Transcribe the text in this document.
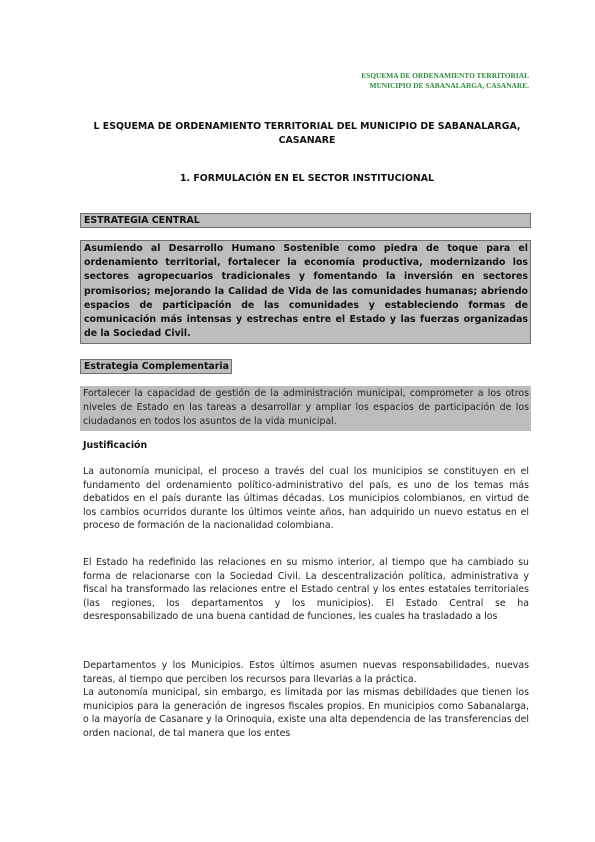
ESQUEMA DE ORDENAMIENTO TERRITORIAL
MUNICIPIO DE SABANALARGA, CASANARE.
L ESQUEMA DE ORDENAMIENTO TERRITORIAL DEL MUNICIPIO DE SABANALARGA,
CASANARE
1. FORMULACIÓN EN EL SECTOR INSTITUCIONAL
ESTRATEGIA CENTRAL
Asumiendo al Desarrollo Humano Sostenible como piedra de toque para el ordenamiento territorial, fortalecer la economía productiva, modernizando los sectores agropecuarios tradicionales y fomentando la inversión en sectores promisorios; mejorando la Calidad de Vida de las comunidades humanas; abriendo espacios de participación de las comunidades y estableciendo formas de comunicación más intensas y estrechas entre el Estado y las fuerzas organizadas de la Sociedad Civil.
Estrategia Complementaria
Fortalecer la capacidad de gestión de la administración municipal, comprometer a los otros niveles de Estado en las tareas a desarrollar y ampliar los espacios de participación de los ciudadanos en todos los asuntos de la vida municipal.
Justificación

La autonomía municipal, el proceso a través del cual los municipios se constituyen en el fundamento del ordenamiento político-administrativo del país, es uno de los temas más debatidos en el país durante las últimas décadas. Los municipios colombianos, en virtud de los cambios ocurridos durante los últimos veinte años, han adquirido un nuevo estatus en el proceso de formación de la nacionalidad colombiana.

El Estado ha redefinido las relaciones en su mismo interior, al tiempo que ha cambiado su forma de relacionarse con la Sociedad Civil. La descentralización política, administrativa y fiscal ha transformado las relaciones entre el Estado central y los entes estatales territoriales (las regiones, los departamentos y los municipios). El Estado Central se ha desresponsabilizado de una buena cantidad de funciones, les cuales ha trasladado a los

Departamentos y los Municipios. Estos últimos asumen nuevas responsabilidades, nuevas tareas, al tiempo que perciben los recursos para llevarlas a la práctica.

La autonomía municipal, sin embargo, es limitada por las mismas debilidades que tienen los municipios para la generación de ingresos fiscales propios. En municipios como Sabanalarga, o la mayoría de Casanare y la Orinoquia, existe una alta dependencia de las transferencias del orden nacional, de tal manera que los entes
